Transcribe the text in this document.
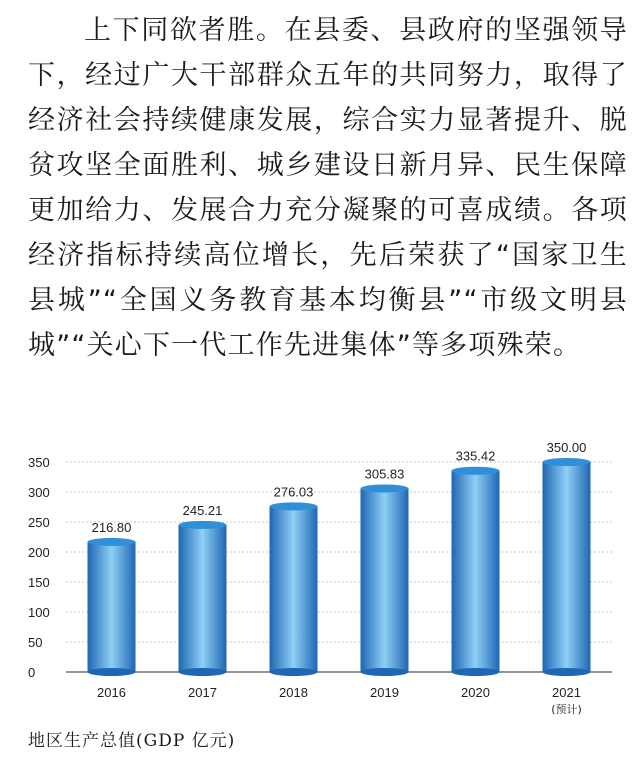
上下同欲者胜。在县委、县政府的坚强领导下，经过广大干部群众五年的共同努力，取得了经济社会持续健康发展，综合实力显著提升、脱贫攻坚全面胜利、城乡建设日新月异、民生保障更加给力、发展合力充分凝聚的可喜成绩。各项经济指标持续高位增长，先后荣获了“国家卫生县城”“全国义务教育基本均衡县”“市级文明县城”“关心下一代工作先进集体”等多项殊荣。

0
50
100
150
200
250
300
350
216.80
245.21
276.03
305.83
335.42
350.00
2016	2017	2018	2019	2020	2021
(预计)
地区生产总值(GDP 亿元)
